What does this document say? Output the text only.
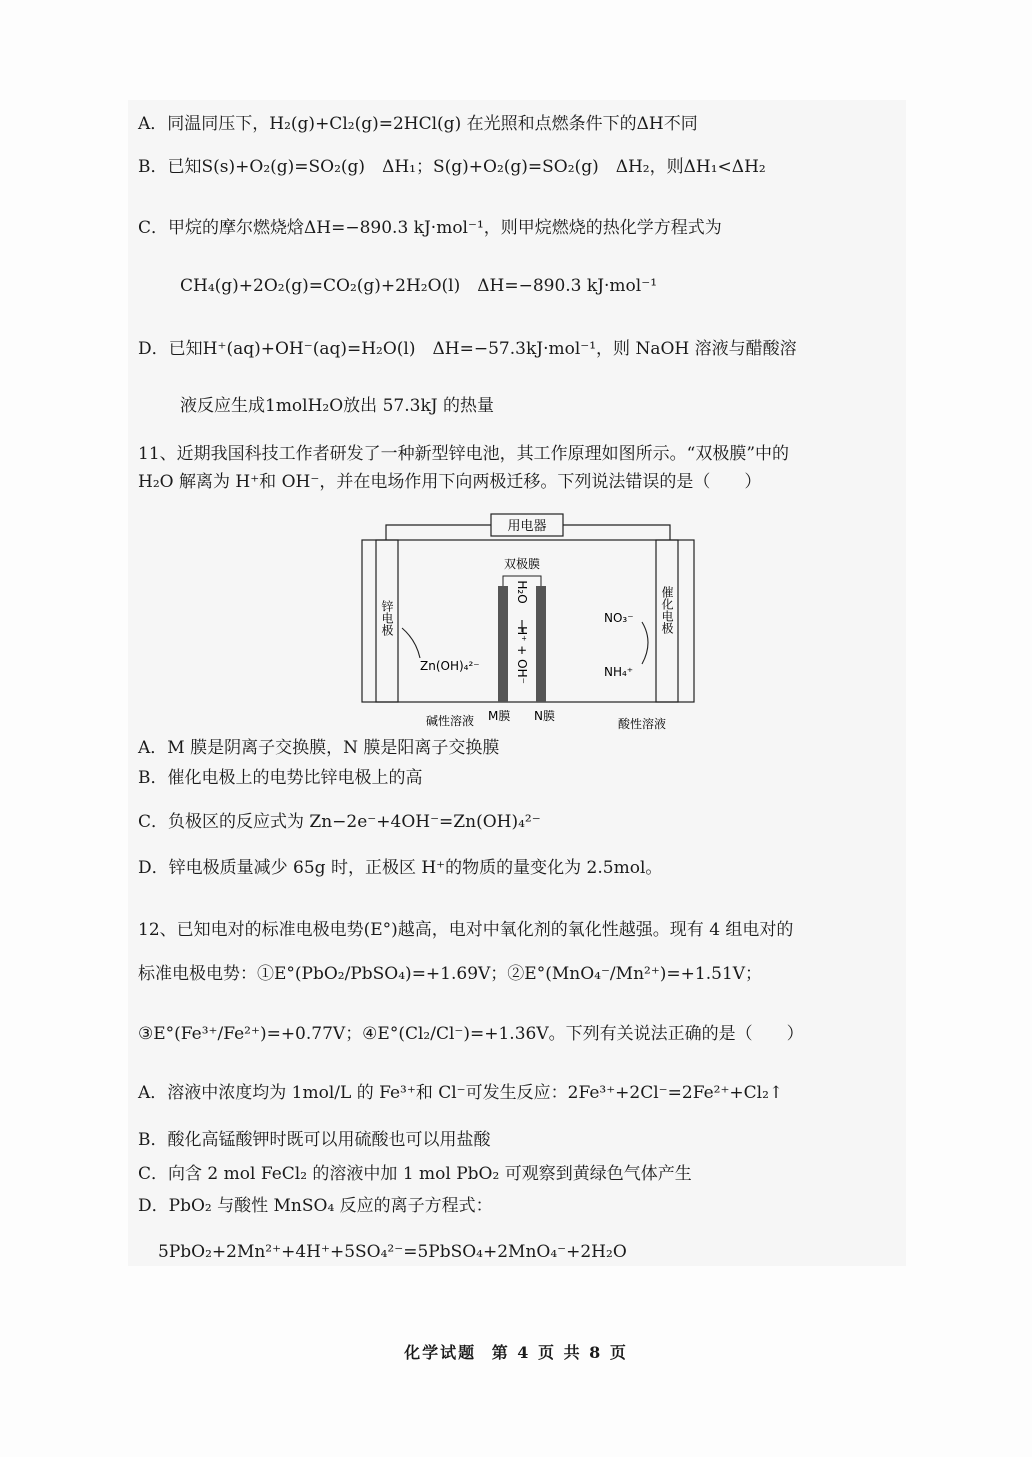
A．同温同压下，H₂(g)+Cl₂(g)=2HCl(g) 在光照和点燃条件下的ΔH不同
B．已知S(s)+O₂(g)=SO₂(g)　ΔH₁；S(g)+O₂(g)=SO₂(g)　ΔH₂，则ΔH₁<ΔH₂
C．甲烷的摩尔燃烧焓ΔH=−890.3 kJ·mol⁻¹，则甲烷燃烧的热化学方程式为
CH₄(g)+2O₂(g)=CO₂(g)+2H₂O(l)　ΔH=−890.3 kJ·mol⁻¹
D．已知H⁺(aq)+OH⁻(aq)=H₂O(l)　ΔH=−57.3kJ·mol⁻¹，则 NaOH 溶液与醋酸溶
液反应生成1molH₂O放出 57.3kJ 的热量
11、近期我国科技工作者研发了一种新型锌电池，其工作原理如图所示。“双极膜”中的
H₂O 解离为 H⁺和 OH⁻，并在电场作用下向两极迁移。下列说法错误的是（　　）
用电器
锌电极	催化电极
H⁺ + OH⁻
H₂O
双极膜
Zn(OH)₄²⁻
NO₃⁻
NH₄⁺
碱性溶液 M膜 N膜
酸性溶液
A．M 膜是阴离子交换膜，N 膜是阳离子交换膜
B．催化电极上的电势比锌电极上的高
C．负极区的反应式为 Zn−2e⁻+4OH⁻=Zn(OH)₄²⁻
D．锌电极质量减少 65g 时，正极区 H⁺的物质的量变化为 2.5mol。
12、已知电对的标准电极电势(E°)越高，电对中氧化剂的氧化性越强。现有 4 组电对的
标准电极电势：①E°(PbO₂/PbSO₄)=+1.69V；②E°(MnO₄⁻/Mn²⁺)=+1.51V；
③E°(Fe³⁺/Fe²⁺)=+0.77V；④E°(Cl₂/Cl⁻)=+1.36V。下列有关说法正确的是（　　）
A．溶液中浓度均为 1mol/L 的 Fe³⁺和 Cl⁻可发生反应：2Fe³⁺+2Cl⁻=2Fe²⁺+Cl₂↑
B．酸化高锰酸钾时既可以用硫酸也可以用盐酸
C．向含 2 mol FeCl₂ 的溶液中加 1 mol PbO₂ 可观察到黄绿色气体产生
D．PbO₂ 与酸性 MnSO₄ 反应的离子方程式：
5PbO₂+2Mn²⁺+4H⁺+5SO₄²⁻=5PbSO₄+2MnO₄⁻+2H₂O
化学试题 第 4 页 共 8 页
